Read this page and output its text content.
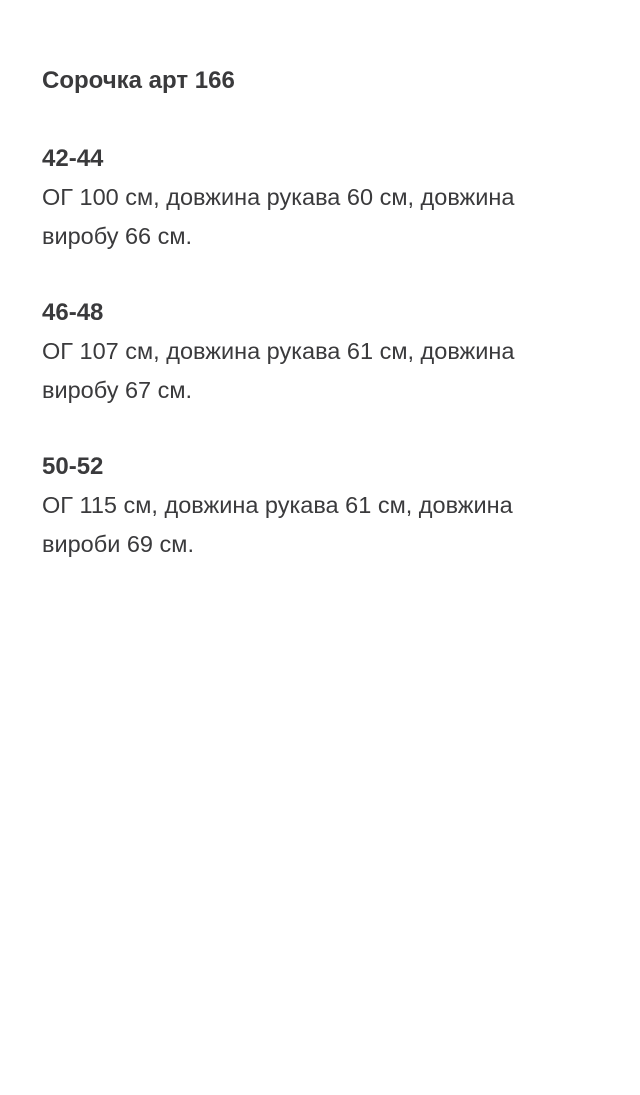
Сорочка арт 166
42-44
ОГ 100 см, довжина рукава 60 см, довжина
виробу 66 см.
46-48
ОГ 107 см, довжина рукава 61 см, довжина
виробу 67 см.
50-52
ОГ 115 см, довжина рукава 61 см, довжина
вироби 69 см.
